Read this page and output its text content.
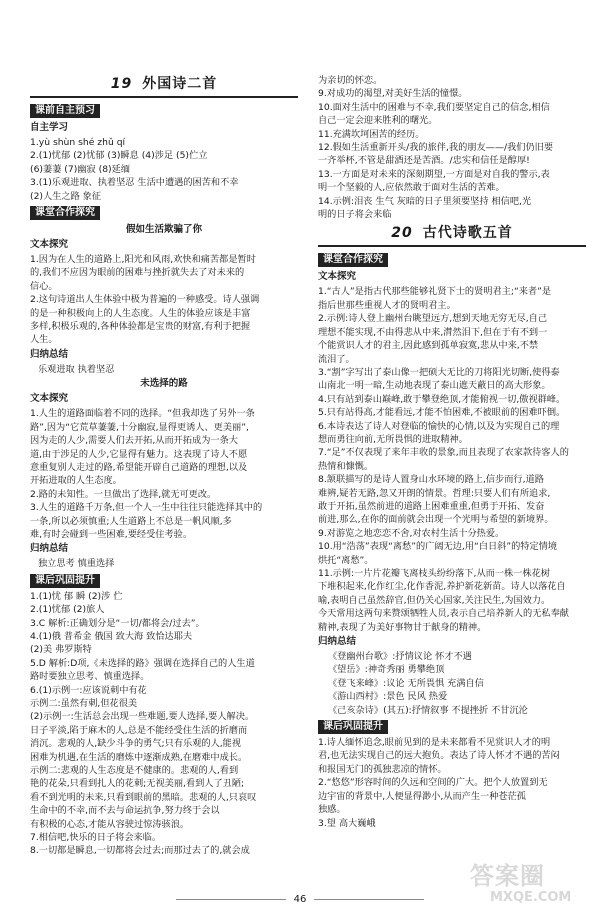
19 外国诗二首
课前自主预习
自主学习
1.yù shùn shé zhǔ qí
2.(1)忧郁 (2)忧郁 (3)瞬息 (4)涉足 (5)伫立
(6)萋萋 (7)幽寂 (8)延缅
3.(1)乐观进取、执着坚忍 生活中遭遇的困苦和不幸
(2)人生之路 象征
课堂合作探究
假如生活欺骗了你
文本探究
1.因为在人生的道路上,阳光和风雨,欢快和痛苦都是暂时
的,我们不应因为眼前的困难与挫折就失去了对未来的
信心。
2.这句诗道出人生体验中极为普遍的一种感受。诗人强调
的是一种积极向上的人生态度。人生的体验应该是丰富
多样,积极乐观的,各种体验都是宝贵的财富,有利于把握
人生。
归纳总结
乐观进取 执着坚忍
未选择的路
文本探究
1.人生的道路面临着不同的选择。“但我却选了另外一条
路”,因为“它荒草萋萋,十分幽寂,显得更诱人、更美丽”,
因为走的人少,需要人们去开拓,从而开拓成为一条大
道,由于涉足的人少,它显得有魅力。这表现了诗人不愿
意重复别人走过的路,希望能开辟自己道路的理想,以及
开拓进取的人生态度。
2.路的未知性。一旦做出了选择,就无可更改。
3.人生的道路千万条,但一个人一生中往往只能选择其中的
一条,所以必须慎重;人生道路上不总是一帆风顺,多
难,有时会碰到一些困难,要经受住考验。
归纳总结
独立思考 慎重选择
课后巩固提升
1.(1)忧 郁 瞬 (2)涉 伫
2.(1)忧郁 (2)旅人
3.C 解析:正确划分是“一切/都将会/过去”。
4.(1)俄 普希金 俄国 致大海 致恰达耶夫
(2)美 弗罗斯特
5.D 解析:D项,《未选择的路》强调在选择自己的人生道
路时要独立思考、慎重选择。
6.(1)示例一:应该说刺中有花
示例二:虽然有刺,但花很美
(2)示例一:生活总会出现一些难题,要人选择,要人解决。
日子平淡,陷于麻木的人,总是不能经受住生活的折磨而
消沉。悲观的人,缺少斗争的勇气;只有乐观的人,能视
困难为机遇,在生活的磨炼中逐渐成熟,在磨难中成长。
示例二:悲观的人生态度是不健康的。悲观的人,看到
艳的花朵,只看到扎人的花刺;无视美丽,看到人了丑陋;
看不到光明的未来,只看到眼前的黑暗。悲观的人,只哀叹
生命中的不幸,而不去与命运抗争,努力终于会以
有积极的心态,才能从容驶过惊涛骇浪。
7.相信吧,快乐的日子将会来临。
8.一切都是瞬息,一切都将会过去;而那过去了的,就会成
为亲切的怀恋。
9.对成功的渴望,对美好生活的憧憬。
10.面对生活中的困难与不幸,我们要坚定自己的信念,相信
自己一定会迎来胜利的曙光。
11.充满坎坷困苦的经历。
12.假如生活重新开头/我的旅伴,我的朋友——/我们仍旧要
一齐举杯,不管是甜酒还是苦酒。/忠实和信任是醇厚!
13.一方面是对未来的深刻期望,一方面是对自我的警示,表
明一个坚毅的人,应依然敢于面对生活的苦难。
14.示例:泪丧 生气 灰暗的日子里须要坚持 相信吧,光
明的日子将会来临
20 古代诗歌五首
课堂合作探究
文本探究
1.“古人”是指古代那些能够礼贤下士的贤明君主;“来者”是
指后世那些重视人才的贤明君主。
2.示例:诗人登上幽州台眺望远方,想到天地无穷无尽,自己
理想不能实现,不由得悲从中来,潸然泪下,但在于有不到一
个能赏识人才的君主,因此感到孤单寂寞,悲从中来,不禁
流泪了。
3.“割”字写出了泰山像一把硕大无比的刀将阳光切断,使得泰
山南北一明一暗,生动地表现了泰山遮天蔽日的高大形象。
4.只有站到泰山巅峰,敢于攀登绝顶,才能俯视一切,傲视群峰。
5.只有站得高,才能看远,才能不怕困难,不被眼前的困难吓倒。
6.本诗表达了诗人对登临的愉快的心情,以及为实现自己的理
想而勇往向前,无所畏惧的进取精神。
7.“足”不仅表现了来年丰收的景象,而且表现了农家款待客人的
热情和慷慨。
8.颔联描写的是诗人置身山水环境的路上,信步而行,道路
难辨,疑若无路,忽又开朗的情景。哲理:只要人们有所追求,
敢于开拓,虽然前进的道路上困难重重,但勇于开拓、发奋
前进,那么,在你的面前就会出现一个光明与希望的新境界。
9.对游览之地恋恋不舍,对农村生活十分热爱。
10.用“浩荡”表现“离愁”的广阔无边,用“白日斜”的特定情境
烘托“离愁”。
11.示例:一片片花瓣飞离枝头纷纷落下,从而一株一株花树
下堆积起来,化作红尘,化作香泥,养护新花新苗。诗人以落花自
喻,表明自己虽然辞官,但仍关心国家,关注民生,为国效力。
今天常用这两句来赞颂牺牲人员,表示自己培养新人的无私奉献
精神,表现了为美好事物甘于献身的精神。
归纳总结
《登幽州台歌》:抒情议论 怀才不遇
《望岳》:神奇秀丽 勇攀绝顶
《登飞来峰》:议论 无所畏惧 充满自信
《游山西村》:景色 民风 热爱
《己亥杂诗》(其五):抒情叙事 不提挫折 不甘沉沦
课后巩固提升
1.诗人缅怀追念,眼前见到的是未来都看不见赏识人才的明
君,也无法实现自己的远大抱负。表达了诗人怀才不遇的苦闷
和报国无门的孤独悲凉的情怀。
2.“悠悠”形容时间的久远和空间的广大。把个人放置到无
边宇宙的背景中,人便显得渺小,从而产生一种苍茫孤
独感。
3.望 高大巍峨
46
答案圈
MXQE.COM
